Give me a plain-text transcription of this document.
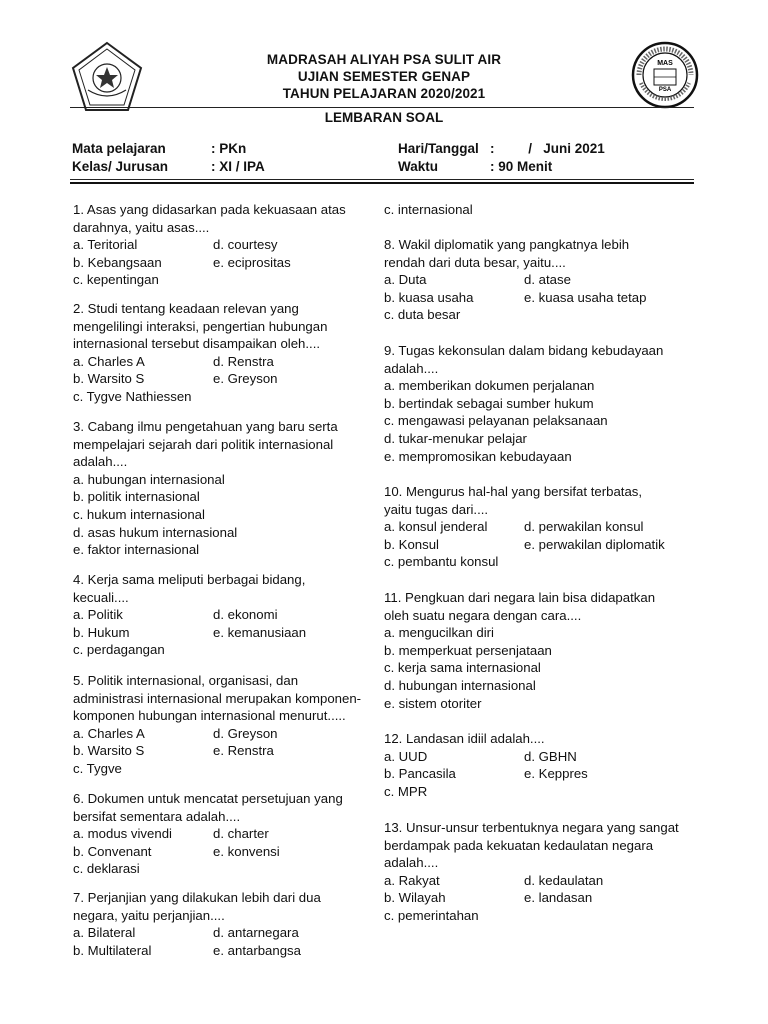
MAS
PSA
MADRASAH ALIYAH PSA SULIT AIR
UJIAN SEMESTER GENAP
TAHUN PELAJARAN 2020/2021
LEMBARAN SOAL
Mata pelajaran	: PKn
Kelas/ Jurusan	: XI / IPA
Hari/Tanggal :         /   Juni 2021
Waktu	: 90 Menit

1. Asas yang didasarkan pada kekuasaan atas

darahnya, yaitu asas....

a. Teritorial	d. courtesy
b. Kebangsaan	e. eciprositas

c. kepentingan

2. Studi tentang keadaan relevan yang

mengelilingi interaksi, pengertian hubungan

internasional tersebut disampaikan oleh....

a. Charles A	d. Renstra
b. Warsito S	e. Greyson

c. Tygve Nathiessen

3. Cabang ilmu pengetahuan yang baru serta

mempelajari sejarah dari politik internasional

adalah....

a. hubungan internasional

b. politik internasional

c. hukum internasional

d. asas hukum internasional

e. faktor internasional

4. Kerja sama meliputi berbagai bidang,

kecuali....

a. Politik	d. ekonomi
b. Hukum	e. kemanusiaan

c. perdagangan

5. Politik internasional, organisasi, dan

administrasi internasional merupakan komponen-

komponen hubungan internasional menurut.....

a. Charles A	d. Greyson
b. Warsito S	e. Renstra

c. Tygve

6. Dokumen untuk mencatat persetujuan yang

bersifat sementara adalah....

a. modus vivendi	d. charter
b. Convenant	e. konvensi

c. deklarasi

7. Perjanjian yang dilakukan lebih dari dua

negara, yaitu perjanjian....

a. Bilateral	d. antarnegara
b. Multilateral	e. antarbangsa

c. internasional

8. Wakil diplomatik yang pangkatnya lebih

rendah dari duta besar, yaitu....

a. Duta	d. atase
b. kuasa usaha	e. kuasa usaha tetap

c. duta besar

9. Tugas kekonsulan dalam bidang kebudayaan

adalah....

a. memberikan dokumen perjalanan

b. bertindak sebagai sumber hukum

c. mengawasi pelayanan pelaksanaan

d. tukar-menukar pelajar

e. mempromosikan kebudayaan

10. Mengurus hal-hal yang bersifat terbatas,

yaitu tugas dari....

a. konsul jenderal	d. perwakilan konsul
b. Konsul	e. perwakilan diplomatik

c. pembantu konsul

11. Pengkuan dari negara lain bisa didapatkan

oleh suatu negara dengan cara....

a. mengucilkan diri

b. memperkuat persenjataan

c. kerja sama internasional

d. hubungan internasional

e. sistem otoriter

12. Landasan idiil adalah....

a. UUD	d. GBHN
b. Pancasila	e. Keppres

c. MPR

13. Unsur-unsur terbentuknya negara yang sangat

berdampak pada kekuatan kedaulatan negara

adalah....

a. Rakyat	d. kedaulatan
b. Wilayah	e. landasan

c. pemerintahan
